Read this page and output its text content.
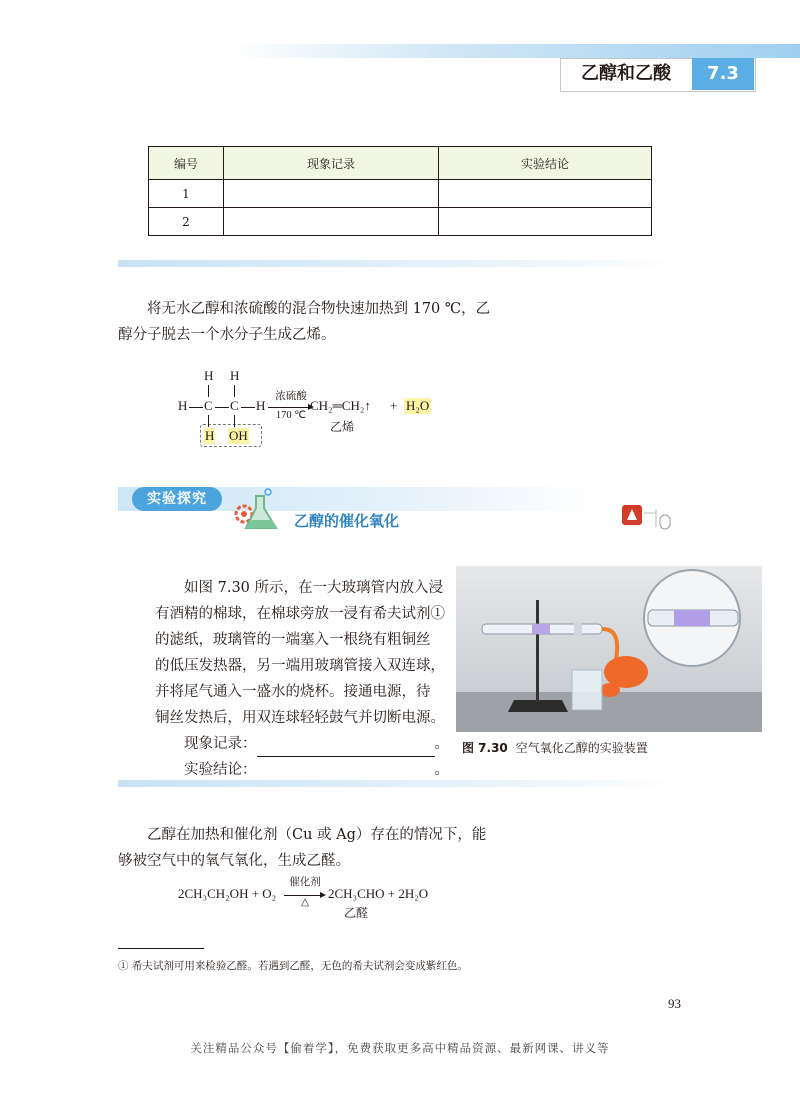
乙醇和乙酸	7.3
编号	现象记录	实验结论
1		
2		
将无水乙醇和浓硫酸的混合物快速加热到 170 ℃，乙
醇分子脱去一个水分子生成乙烯。
H H
H C C H
H OH
浓硫酸
170 ℃
CH₂═CH₂↑ + H₂O
乙烯
实验探究
乙醇的催化氧化
如图 7.30 所示，在一大玻璃管内放入浸
有酒精的棉球，在棉球旁放一浸有希夫试剂①
的滤纸，玻璃管的一端塞入一根绕有粗铜丝
的低压发热器，另一端用玻璃管接入双连球，
并将尾气通入一盛水的烧杯。接通电源，待
铜丝发热后，用双连球轻轻鼓气并切断电源。
现象记录：	。
实验结论：	。
图 7.30 空气氧化乙醇的实验装置
乙醇在加热和催化剂（Cu 或 Ag）存在的情况下，能
够被空气中的氧气氧化，生成乙醛。
2CH₃CH₂OH + O₂
催化剂
△
2CH₃CHO + 2H₂O
乙醛
① 希夫试剂可用来检验乙醛。若遇到乙醛，无色的希夫试剂会变成紫红色。
93
关注精品公众号【偷着学】，免费获取更多高中精品资源、最新网课、讲义等
